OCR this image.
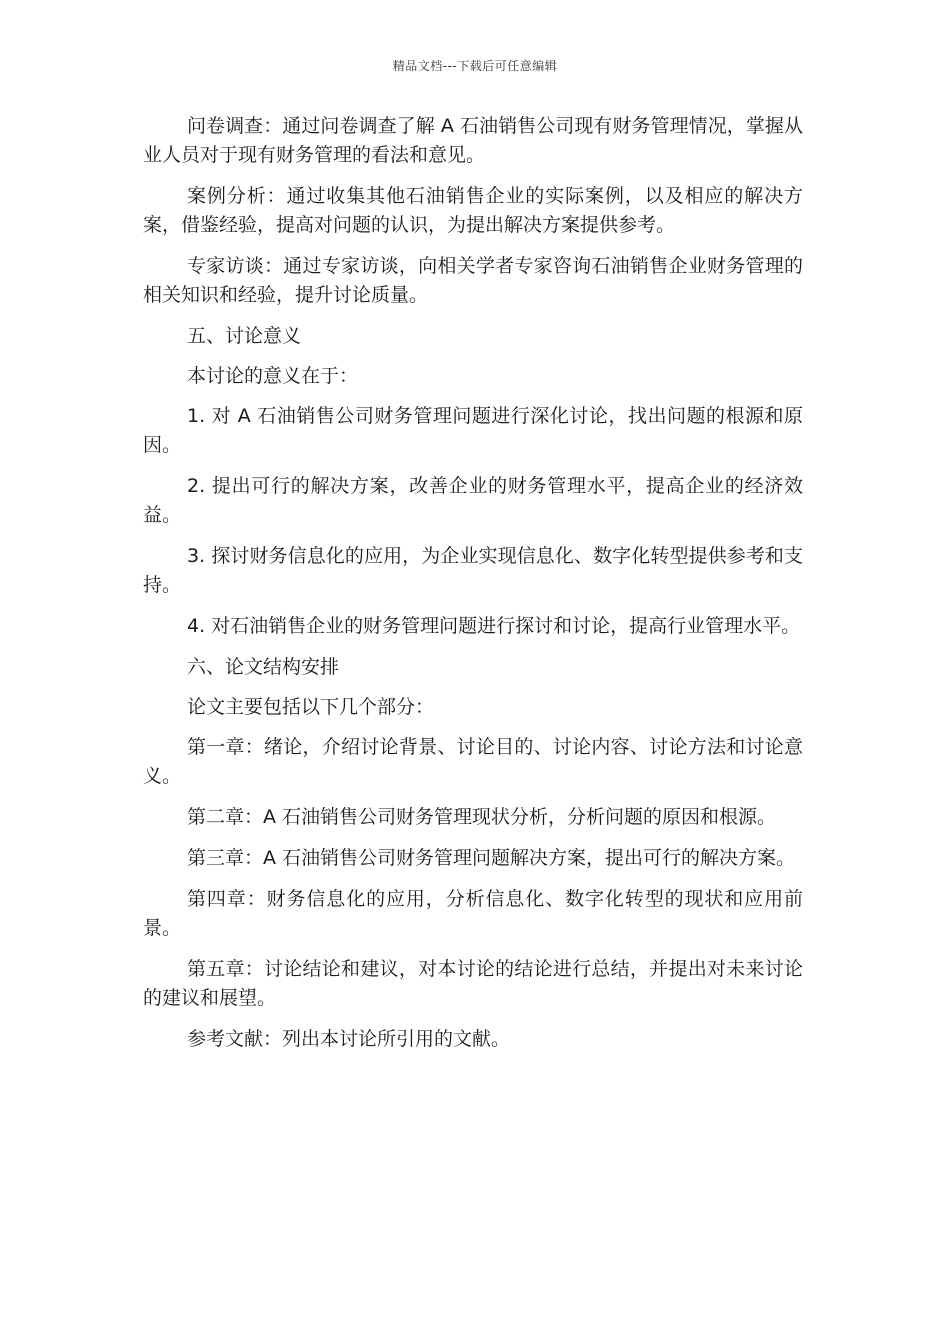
精品文档---下载后可任意编辑

问卷调查：通过问卷调查了解 A 石油销售公司现有财务管理情况，掌握从业人员对于现有财务管理的看法和意见。

案例分析：通过收集其他石油销售企业的实际案例，以及相应的解决方案，借鉴经验，提高对问题的认识，为提出解决方案提供参考。

专家访谈：通过专家访谈，向相关学者专家咨询石油销售企业财务管理的相关知识和经验，提升讨论质量。

五、讨论意义

本讨论的意义在于：

1. 对 A 石油销售公司财务管理问题进行深化讨论，找出问题的根源和原因。

2. 提出可行的解决方案，改善企业的财务管理水平，提高企业的经济效益。

3. 探讨财务信息化的应用，为企业实现信息化、数字化转型提供参考和支持。

4. 对石油销售企业的财务管理问题进行探讨和讨论，提高行业管理水平。

六、论文结构安排

论文主要包括以下几个部分：

第一章：绪论，介绍讨论背景、讨论目的、讨论内容、讨论方法和讨论意义。

第二章：A 石油销售公司财务管理现状分析，分析问题的原因和根源。

第三章：A 石油销售公司财务管理问题解决方案，提出可行的解决方案。

第四章：财务信息化的应用，分析信息化、数字化转型的现状和应用前景。

第五章：讨论结论和建议，对本讨论的结论进行总结，并提出对未来讨论的建议和展望。

参考文献：列出本讨论所引用的文献。
